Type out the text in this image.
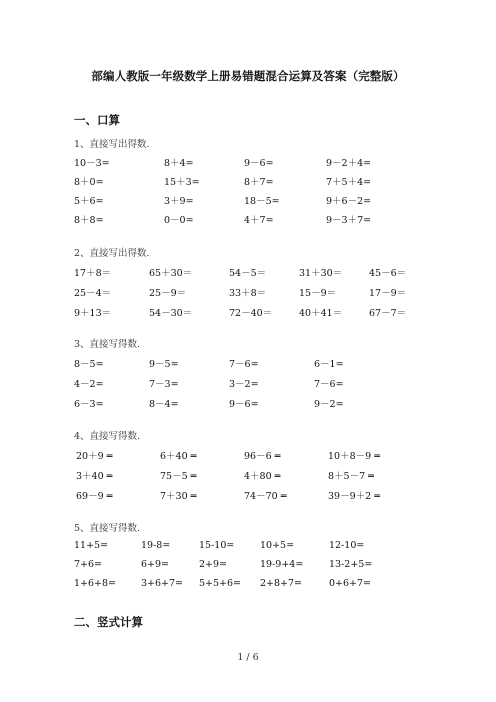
部编人教版一年级数学上册易错题混合运算及答案（完整版）
一、口算
1、直接写出得数.
10－3=	8＋4=	9－6=	9－2＋4=
8＋0=	15＋3=	8＋7=	7＋5＋4=
5＋6=	3＋9=	18－5=	9＋6－2=
8＋8=	0－0=	4＋7=	9－3＋7=
2、直接写出得数.
17＋8＝	65＋30＝	54－5＝	31＋30＝	45－6＝
25－4＝	25－9＝	33＋8＝	15－9＝	17－9＝
9＋13＝	54－30＝	72－40＝	40＋41＝	67－7＝
3、直接写得数.
8－5=	9－5=	7－6=	6－1=
4－2=	7－3=	3－2=	7－6=
6－3=	8－4=	9－6=	9－2=
4、直接写得数.
20＋9 ═	6＋40 ═	96－6 ═	10＋8－9 ═
3＋40 ═	75－5 ═	4＋80 ═	8＋5－7 ═
69－9 ═	7＋30 ═	74－70 ═	39－9＋2 ═
5、直接写得数.
11+5=	19-8=	15-10=	10+5=	12-10=
7+6=	6+9=	2+9=	19-9+4=	13-2+5=
1+6+8=	3+6+7= 5+5+6= 2+8+7=	0+6+7=
二、竖式计算
1 / 6
